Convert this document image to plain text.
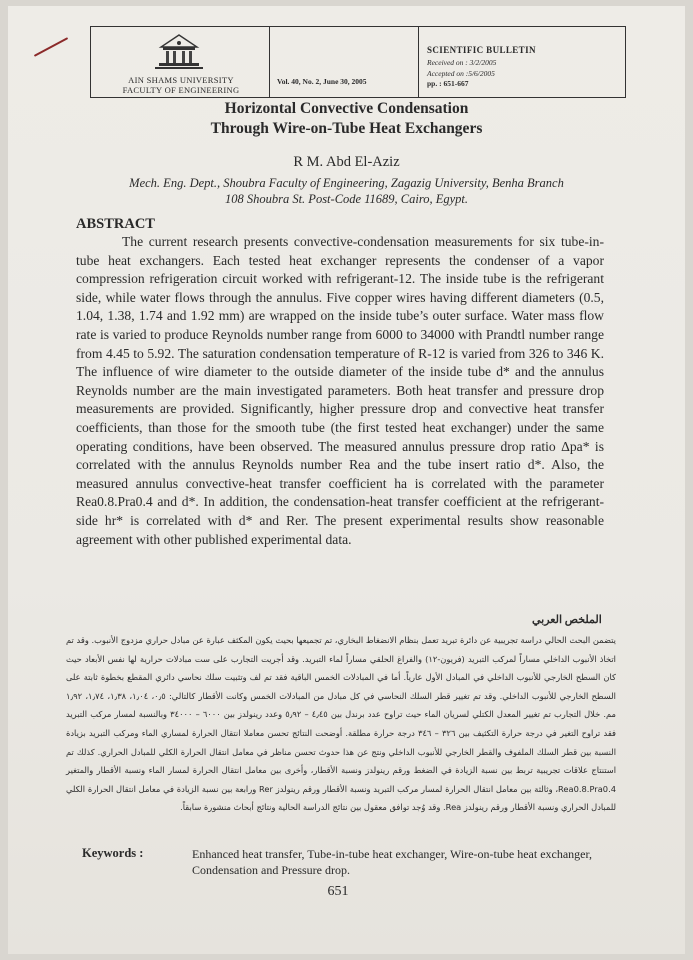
AIN SHAMS UNIVERSITY
FACULTY OF ENGINEERING
Vol. 40, No. 2, June 30, 2005
SCIENTIFIC BULLETIN
Received on : 3/2/2005
Accepted on :5/6/2005
pp. : 651-667
Horizontal Convective Condensation
Through Wire-on-Tube Heat Exchangers
R M. Abd El-Aziz
Mech. Eng. Dept., Shoubra Faculty of Engineering, Zagazig University, Benha Branch
108 Shoubra St. Post-Code 11689, Cairo, Egypt.
ABSTRACT

The current research presents convective-condensation measurements for six tube-in-tube heat exchangers. Each tested heat exchanger represents the condenser of a vapor compression refrigeration circuit worked with refrigerant-12. The inside tube is the refrigerant side, while water flows through the annulus. Five copper wires having different diameters (0.5, 1.04, 1.38, 1.74 and 1.92 mm) are wrapped on the inside tube’s outer surface. Water mass flow rate is varied to produce Reynolds number range from 6000 to 34000 with Prandtl number range from 4.45 to 5.92. The saturation condensation temperature of R-12 is varied from 326 to 346 K. The influence of wire diameter to the outside diameter of the inside tube d* and the annulus Reynolds number are the main investigated parameters. Both heat transfer and pressure drop measurements are provided. Significantly, higher pressure drop and convective heat transfer coefficients, than those for the smooth tube (the first tested heat exchanger) under the same operating conditions, have been observed. The measured annulus pressure drop ratio Δpa* is correlated with the annulus Reynolds number Rea and the tube insert ratio d*. Also, the measured annulus convective-heat transfer coefficient ha is correlated with the parameter Rea0.8.Pra0.4 and d*. In addition, the condensation-heat transfer coefficient at the refrigerant-side hr* is correlated with d* and Rer. The present experimental results show reasonable agreement with other published experimental data.

الملخص العربي

يتضمن البحث الحالي دراسة تجريبية عن دائرة تبريد تعمل بنظام الانضغاط البخاري، تم تجميعها بحيث يكون المكثف عبارة عن مبادل حراري مزدوج الأنبوب. وقد تم اتخاذ الأنبوب الداخلي مساراً لمركب التبريد (فريون-١٢) والفراغ الحلقي مساراً لماء التبريد. وقد أجريت التجارب على ست مبادلات حرارية لها نفس الأبعاد حيث كان السطح الخارجي للأنبوب الداخلي في المبادل الأول عارياً. أما في المبادلات الخمس الباقية فقد تم لف وتثبيت سلك نحاسي دائري المقطع بخطوة ثابتة على السطح الخارجي للأنبوب الداخلي. وقد تم تغيير قطر السلك النحاسي في كل مبادل من المبادلات الخمس وكانت الأقطار كالتالي: ٠٫٥، ١٫٠٤، ١٫٣٨، ١٫٧٤، ١٫٩٢ مم. خلال التجارب تم تغيير المعدل الكتلي لسريان الماء حيث تراوح عدد برندل بين ٤٫٤٥ – ٥٫٩٢ وعدد رينولدز بين ٦٠٠٠ – ٣٤٠٠٠ وبالنسبة لمسار مركب التبريد فقد تراوح التغير في درجة حرارة التكثيف بين ٣٢٦ – ٣٤٦ درجة حرارة مطلقة. أوضحت النتائج تحسن معاملا انتقال الحرارة لمساري الماء ومركب التبريد بزيادة النسبة بين قطر السلك الملفوف والقطر الخارجي للأنبوب الداخلي ونتج عن هذا حدوث تحسن مناظر في معامل انتقال الحرارة الكلي للمبادل الحراري. كذلك تم استنتاج علاقات تجريبية تربط بين نسبة الزيادة في الضغط ورقم رينولدز ونسبة الأقطار، وأخرى بين معامل انتقال الحرارة لمسار الماء ونسبة الأقطار والمتغير Rea0.8.Pra0.4، وثالثة بين معامل انتقال الحرارة لمسار مركب التبريد ونسبة الأقطار ورقم رينولدز Rer ورابعة بين نسبة الزيادة في معامل انتقال الحرارة الكلي للمبادل الحراري ونسبة الأقطار ورقم رينولدز Rea. وقد وُجد توافق معقول بين نتائج الدراسة الحالية ونتائج أبحاث منشورة سابقاً.

Keywords :	Enhanced heat transfer, Tube-in-tube heat exchanger, Wire-on-tube heat exchanger, Condensation and Pressure drop.
651
